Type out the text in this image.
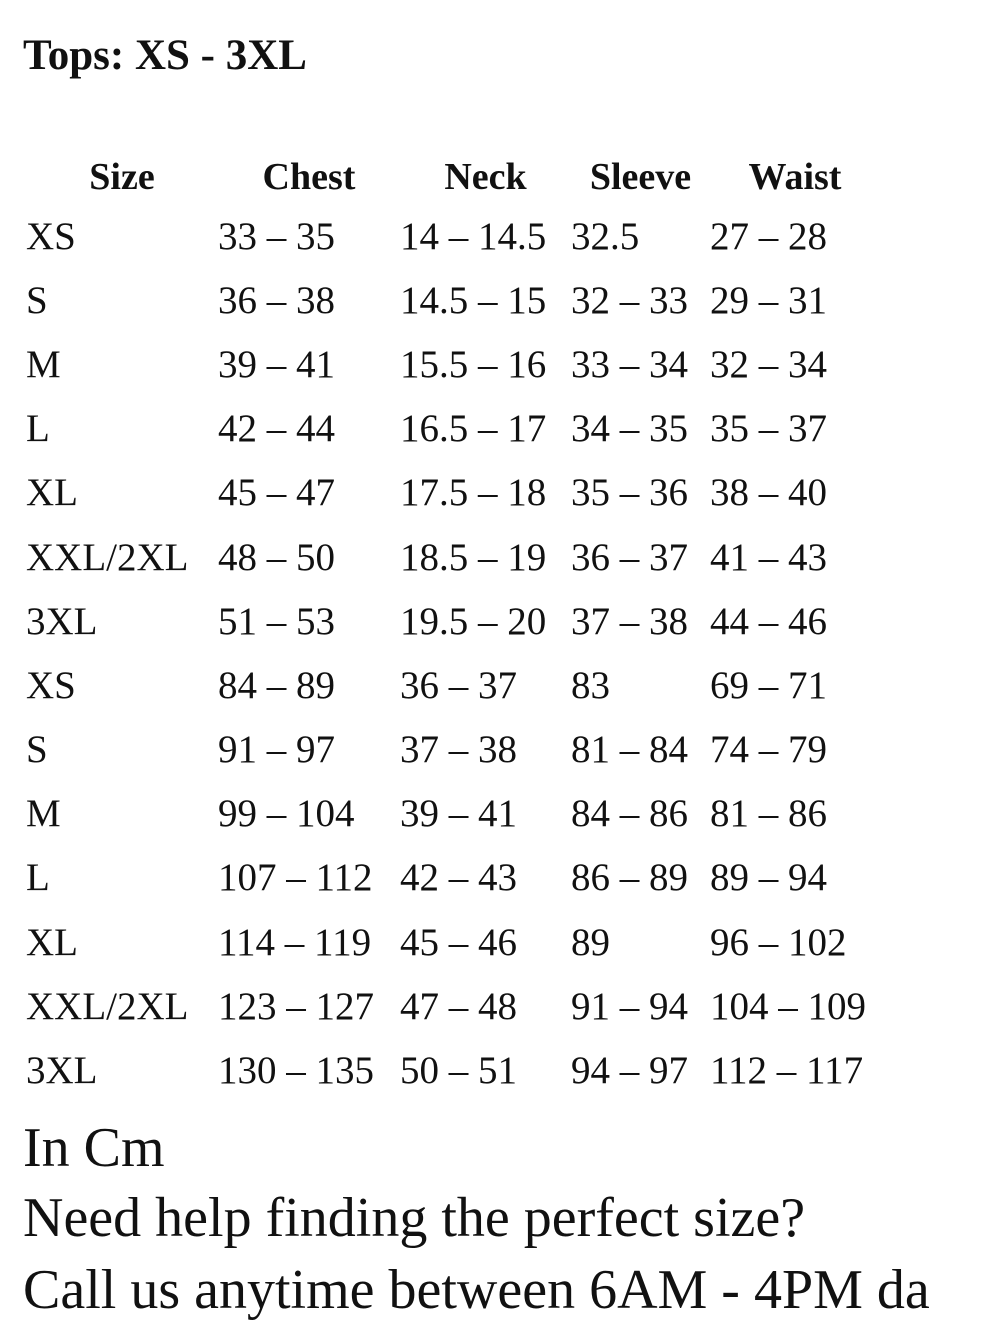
Tops: XS - 3XL
Size	Chest	Neck	Sleeve	Waist
XS	33 – 35	14 – 14.5	32.5	27 – 28
S	36 – 38	14.5 – 15	32 – 33	29 – 31
M	39 – 41	15.5 – 16	33 – 34	32 – 34
L	42 – 44	16.5 – 17	34 – 35	35 – 37
XL	45 – 47	17.5 – 18	35 – 36	38 – 40
XXL/2XL	48 – 50	18.5 – 19	36 – 37	41 – 43
3XL	51 – 53	19.5 – 20	37 – 38	44 – 46
XS	84 – 89	36 – 37	83	69 – 71
S	91 – 97	37 – 38	81 – 84	74 – 79
M	99 – 104	39 – 41	84 – 86	81 – 86
L	107 – 112	42 – 43	86 – 89	89 – 94
XL	114 – 119	45 – 46	89	96 – 102
XXL/2XL	123 – 127	47 – 48	91 – 94	104 – 109
3XL	130 – 135	50 – 51	94 – 97	112 – 117
In Cm
Need help finding the perfect size?
Call us anytime between 6AM - 4PM da
